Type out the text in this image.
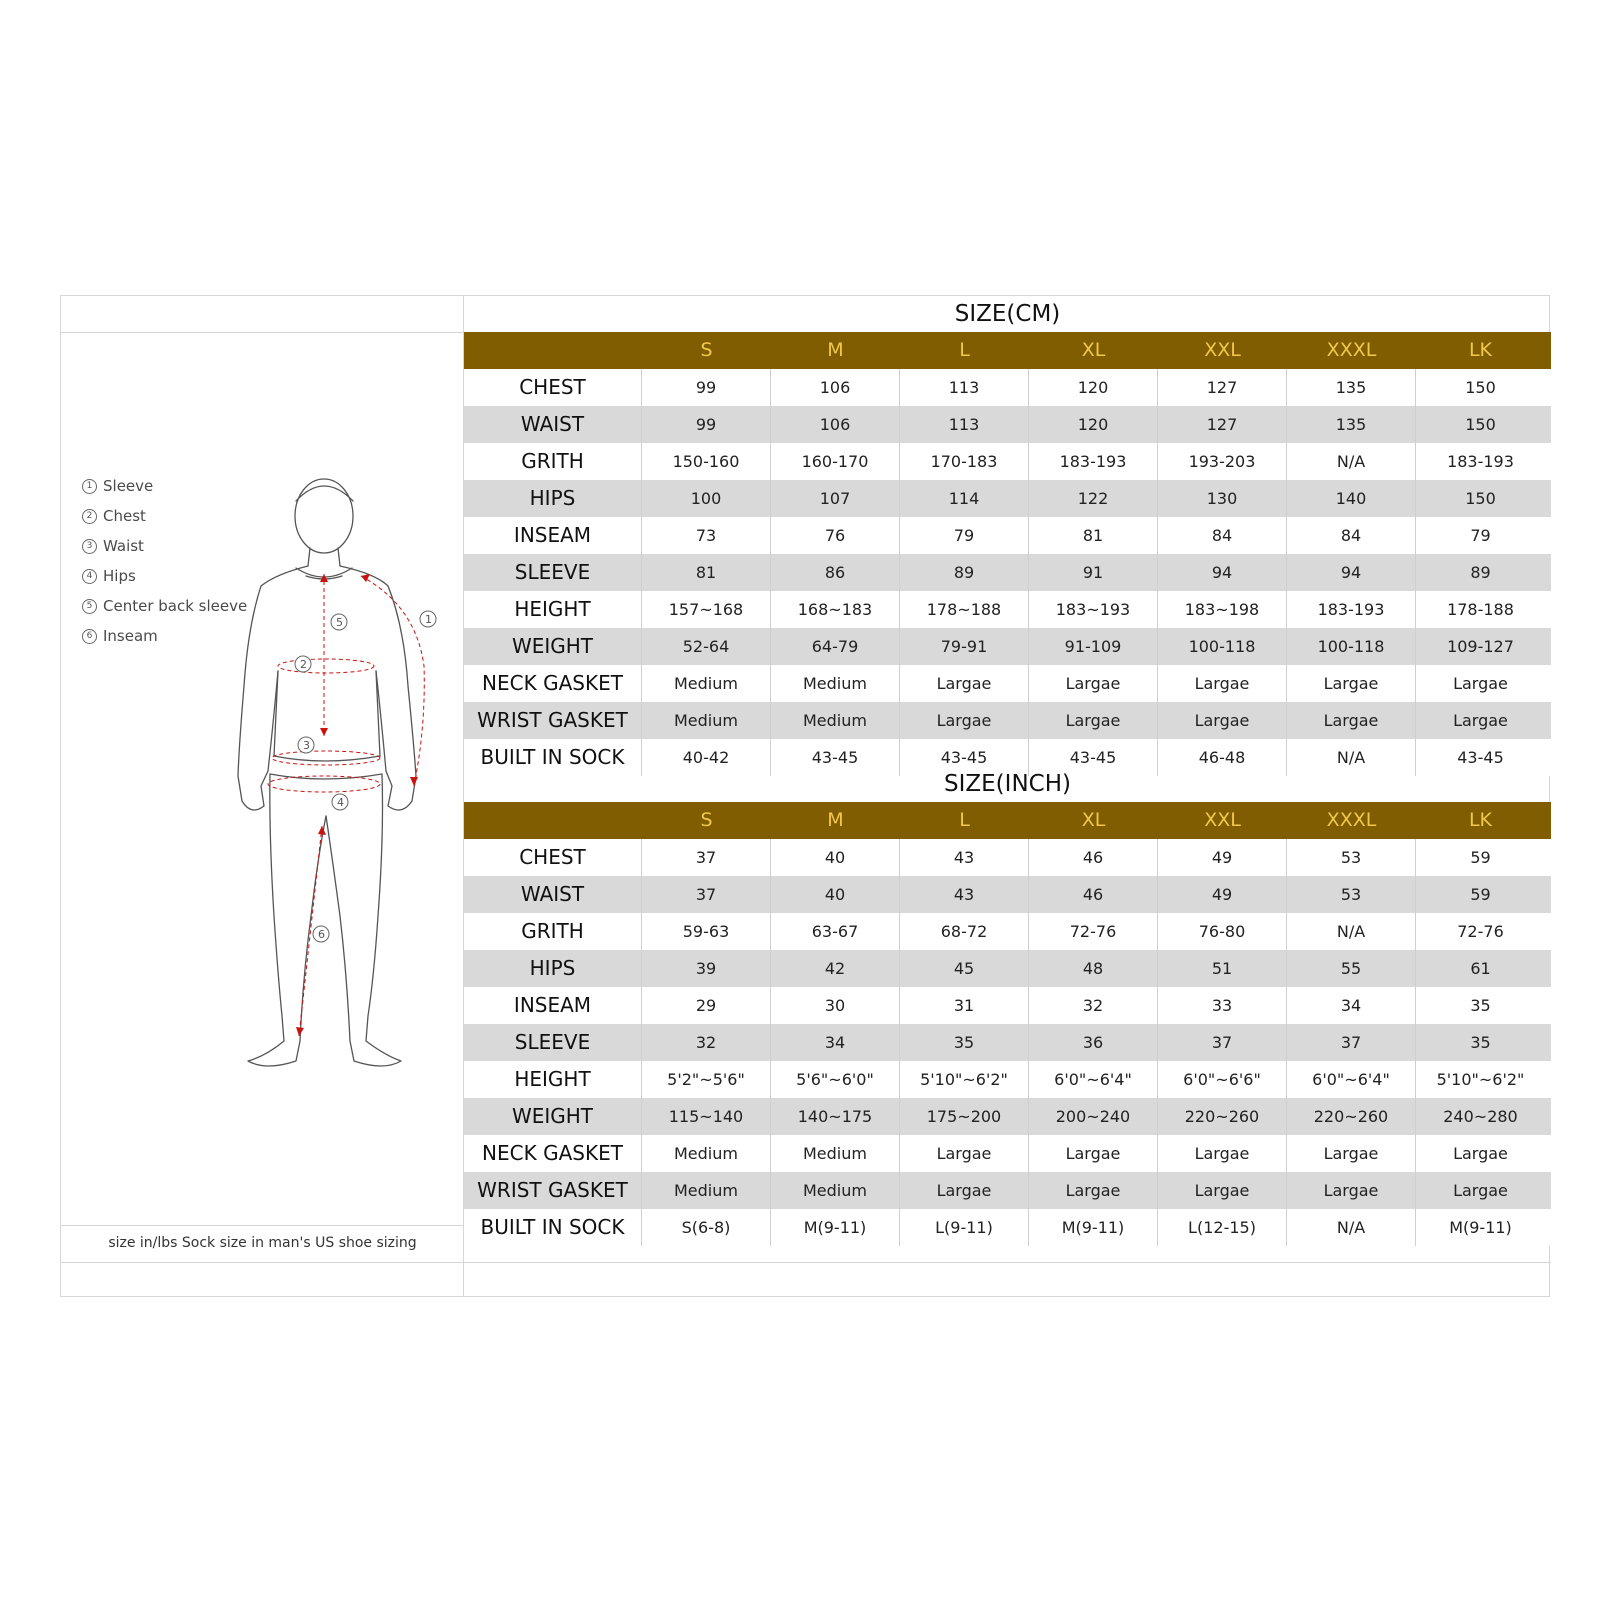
1 Sleeve
2 Chest
3 Waist
4 Hips
5 Center back sleeve
6 Inseam
1
2
3
4
5
6
size in/lbs Sock size in man's US shoe sizing
SIZE(CM)
S	M	L	XL	XXL	XXXL	LK
CHEST	99	106	113	120	127	135	150
WAIST	99	106	113	120	127	135	150
GRITH	150-160	160-170	170-183	183-193	193-203	N/A	183-193
HIPS	100	107	114	122	130	140	150
INSEAM	73	76	79	81	84	84	79
SLEEVE	81	86	89	91	94	94	89
HEIGHT	157~168	168~183	178~188	183~193	183~198	183-193	178-188
WEIGHT	52-64	64-79	79-91	91-109	100-118	100-118	109-127
NECK GASKET	Medium	Medium	Largae	Largae	Largae	Largae	Largae
WRIST GASKET	Medium	Medium	Largae	Largae	Largae	Largae	Largae
BUILT IN SOCK	40-42	43-45	43-45	43-45	46-48	N/A	43-45
SIZE(INCH)
S	M	L	XL	XXL	XXXL	LK
CHEST	37	40	43	46	49	53	59
WAIST	37	40	43	46	49	53	59
GRITH	59-63	63-67	68-72	72-76	76-80	N/A	72-76
HIPS	39	42	45	48	51	55	61
INSEAM	29	30	31	32	33	34	35
SLEEVE	32	34	35	36	37	37	35
HEIGHT	5'2"~5'6"	5'6"~6'0"	5'10"~6'2"	6'0"~6'4"	6'0"~6'6"	6'0"~6'4"	5'10"~6'2"
WEIGHT	115~140	140~175	175~200	200~240	220~260	220~260	240~280
NECK GASKET	Medium	Medium	Largae	Largae	Largae	Largae	Largae
WRIST GASKET	Medium	Medium	Largae	Largae	Largae	Largae	Largae
BUILT IN SOCK	S(6-8)	M(9-11)	L(9-11)	M(9-11)	L(12-15)	N/A	M(9-11)
